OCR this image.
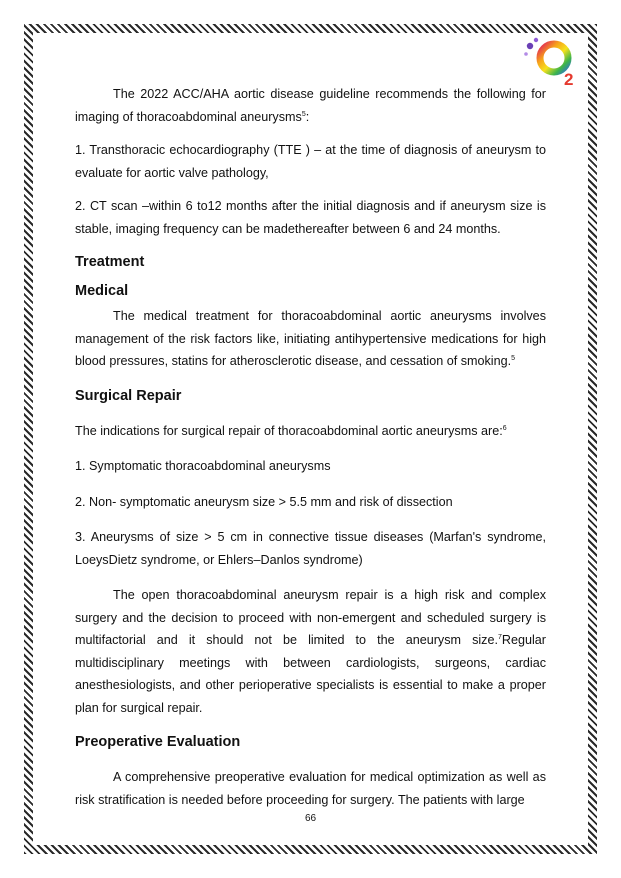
2

The 2022 ACC/AHA aortic disease guideline recommends the following for imaging of thoracoabdominal aneurysms$^5$:

1. Transthoracic echocardiography (TTE ) – at the time of diagnosis of aneurysm to evaluate for aortic valve pathology,

2. CT scan –within 6 to12 months after the initial diagnosis and if aneurysm size is stable, imaging frequency can be madethereafter between 6 and 24 months.

Treatment
Medical

The medical treatment for thoracoabdominal aortic aneurysms involves management of the risk factors like, initiating antihypertensive medications for high blood pressures, statins for atherosclerotic disease, and cessation of smoking.$^5$

Surgical Repair

The indications for surgical repair of thoracoabdominal aortic aneurysms are:$^6$

1. Symptomatic thoracoabdominal aneurysms

2. Non- symptomatic aneurysm size > 5.5 mm and risk of dissection

3. Aneurysms of size > 5 cm in connective tissue diseases (Marfan's syndrome, LoeysDietz syndrome, or Ehlers–Danlos syndrome)

The open thoracoabdominal aneurysm repair is a high risk and complex surgery and the decision to proceed with non-emergent and scheduled surgery is multifactorial and it should not be limited to the aneurysm size.$^7$Regular multidisciplinary meetings with between cardiologists, surgeons, cardiac anesthesiologists, and other perioperative specialists is essential to make a proper plan for surgical repair.

Preoperative Evaluation

A comprehensive preoperative evaluation for medical optimization as well as risk stratification is needed before proceeding for surgery. The patients with large

66
